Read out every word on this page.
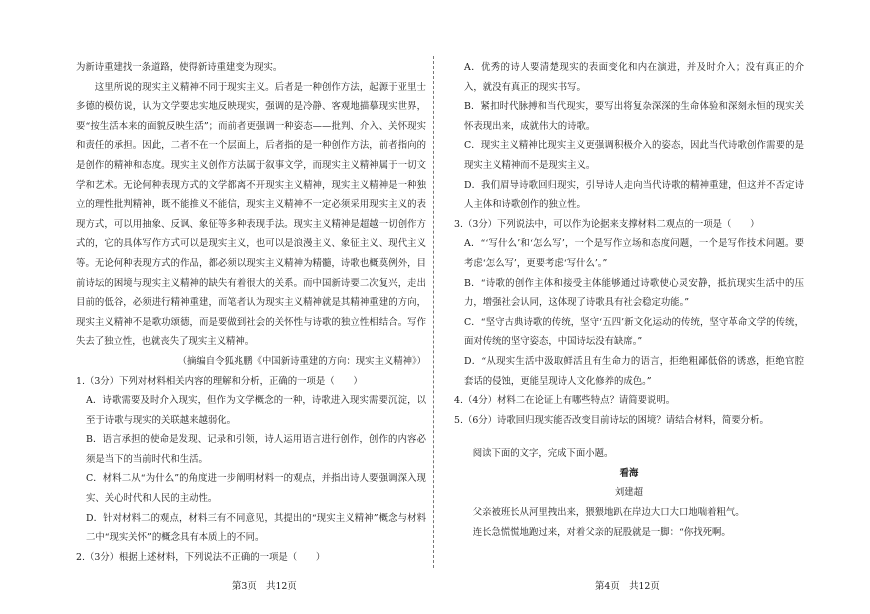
为新诗重建找一条道路，使得新诗重建变为现实。

这里所说的现实主义精神不同于现实主义。后者是一种创作方法，起源于亚里士多德的模仿说，认为文学要忠实地反映现实，强调的是冷静、客观地描摹现实世界，要“按生活本来的面貌反映生活”；而前者更强调一种姿态——批判、介入、关怀现实和责任的承担。因此，二者不在一个层面上，后者指的是一种创作方法，前者指向的是创作的精神和态度。现实主义创作方法属于叙事文学，而现实主义精神属于一切文学和艺术。无论何种表现方式的文学都离不开现实主义精神，现实主义精神是一种独立的理性批判精神，既不能推义不能信，现实主义精神不一定必须采用现实主义的表现方式，可以用抽象、反讽、象征等多种表现手法。现实主义精神是超越一切创作方式的，它的具体写作方式可以是现实主义，也可以是浪漫主义、象征主义、现代主义等。无论何种表现方式的作品，都必须以现实主义精神为精髓，诗歌也概莫例外，目前诗坛的困境与现实主义精神的缺失有着很大的关系。而中国新诗要二次复兴，走出目前的低谷，必须进行精神重建，而笔者认为现实主义精神就是其精神重建的方向，现实主义精神不是歌功颂德，而是要做到社会的关怀性与诗歌的独立性相结合。写作失去了独立性，也就丧失了现实主义精神。

（摘编自令狐兆鹏《中国新诗重建的方向：现实主义精神》）

1.（3分）下列对材料相关内容的理解和分析，正确的一项是（　　）

A．诗歌需要及时介入现实，但作为文学概念的一种，诗歌进入现实需要沉淀，以至于诗歌与现实的关联越来越弱化。

B．语言承担的使命是发现、记录和引领，诗人运用语言进行创作，创作的内容必须是当下的当前时代和生活。

C．材料二从“为什么”的角度进一步阐明材料一的观点，并指出诗人要强调深入现实、关心时代和人民的主动性。

D．针对材料二的观点，材料三有不同意见，其提出的“现实主义精神”概念与材料二中“现实关怀”的概念具有本质上的不同。

2.（3分）根据上述材料，下列说法不正确的一项是（　　）

A．优秀的诗人要清楚现实的表面变化和内在演进，并及时介入；没有真正的介入，就没有真正的现实书写。

B．紧扣时代脉搏和当代现实，要写出将复杂深深的生命体验和深刻永恒的现实关怀表现出来，成就伟大的诗歌。

C．现实主义精神比现实主义更强调积极介入的姿态，因此当代诗歌创作需要的是现实主义精神而不是现实主义。

D．我们眉导诗歌回归现实，引导诗人走向当代诗歌的精神重建，但这并不否定诗人主体和诗歌创作的独立性。

3.（3分）下列说法中，可以作为论据来支撑材料二观点的一项是（　　）

A．“‘写什么’和‘怎么写’，一个是写作立场和态度问题，一个是写作技术问题。要考虑‘怎么写’，更要考虑‘写什么’。”

B．“诗歌的创作主体和接受主体能够通过诗歌使心灵安静，抵抗现实生活中的压力，增强社会认同，这体现了诗歌具有社会稳定功能。”

C．“坚守古典诗歌的传统，坚守‘五四’新文化运动的传统，坚守革命文学的传统，面对传统的坚守姿态，中国诗坛没有缺席。”

D．“从现实生活中汲取鲜活且有生命力的语言，拒绝粗鄙低俗的诱惑，拒绝官腔套话的侵蚀，更能呈现诗人文化修养的成色。”

4.（4分）材料二在论证上有哪些特点？请简要说明。

5.（6分）诗歌回归现实能否改变目前诗坛的困境？请结合材料，简要分析。

阅读下面的文字，完成下面小题。

看海

刘建超

父亲被班长从河里拽出来，猥猥地趴在岸边大口大口地喘着粗气。

连长急慌慌地跑过来，对着父亲的屁股就是一脚：“你找死啊。

第3页　共12页	第4页　共12页
